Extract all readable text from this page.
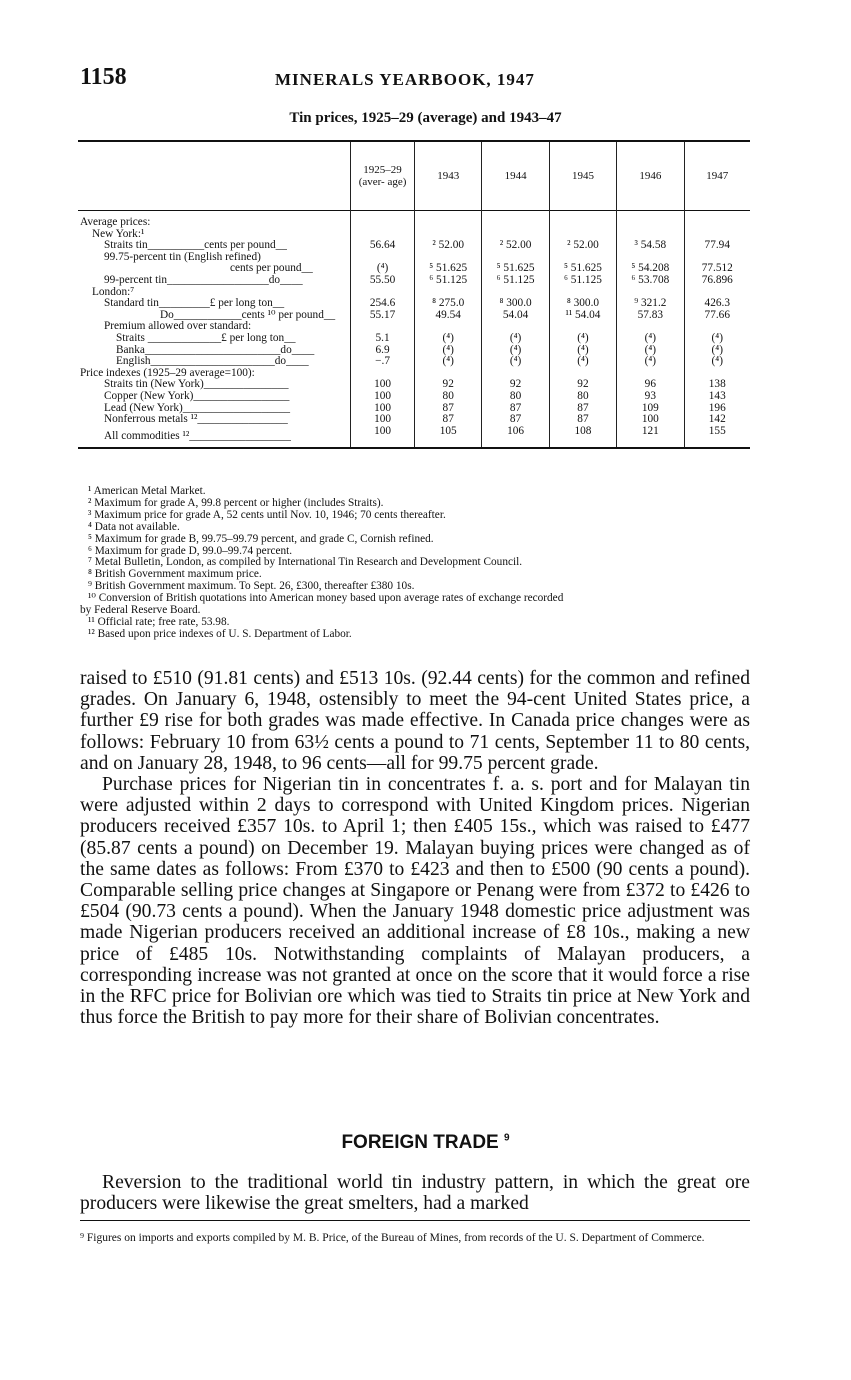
1158	MINERALS YEARBOOK, 1947
Tin prices, 1925–29 (average) and 1943–47
	1925–29 (aver- age)	1943	1944	1945	1946	1947
Average prices:						
New York:¹						
Straits tin__________cents per pound__	56.64	² 52.00	² 52.00	² 52.00	³ 54.58	77.94
99.75-percent tin (English refined)						
cents per pound__	(⁴)	⁵ 51.625	⁵ 51.625	⁵ 51.625	⁵ 54.208	77.512
99-percent tin__________________do____	55.50	⁶ 51.125	⁶ 51.125	⁶ 51.125	⁶ 53.708	76.896
London:⁷						
Standard tin_________£ per long ton__	254.6	⁸ 275.0	⁸ 300.0	⁸ 300.0	⁹ 321.2	426.3
Do____________cents ¹⁰ per pound__	55.17	49.54	54.04	¹¹ 54.04	57.83	77.66
Premium allowed over standard:						
Straits _____________£ per long ton__	5.1	(⁴)	(⁴)	(⁴)	(⁴)	(⁴)
Banka________________________do____	6.9	(⁴)	(⁴)	(⁴)	(⁴)	(⁴)
English______________________do____	−.7	(⁴)	(⁴)	(⁴)	(⁴)	(⁴)
Price indexes (1925–29 average=100):						
Straits tin (New York)_______________	100	92	92	92	96	138
Copper (New York)_________________	100	80	80	80	93	143
Lead (New York)___________________	100	87	87	87	109	196
Nonferrous metals ¹²________________	100	87	87	87	100	142
All commodities ¹²__________________	100	105	106	108	121	155
¹ American Metal Market.
² Maximum for grade A, 99.8 percent or higher (includes Straits).
³ Maximum price for grade A, 52 cents until Nov. 10, 1946; 70 cents thereafter.
⁴ Data not available.
⁵ Maximum for grade B, 99.75–99.79 percent, and grade C, Cornish refined.
⁶ Maximum for grade D, 99.0–99.74 percent.
⁷ Metal Bulletin, London, as compiled by International Tin Research and Development Council.
⁸ British Government maximum price.
⁹ British Government maximum. To Sept. 26, £300, thereafter £380 10s.
¹⁰ Conversion of British quotations into American money based upon average rates of exchange recorded
by Federal Reserve Board.
¹¹ Official rate; free rate, 53.98.
¹² Based upon price indexes of U. S. Department of Labor.

raised to £510 (91.81 cents) and £513 10s. (92.44 cents) for the common and refined grades. On January 6, 1948, ostensibly to meet the 94-cent United States price, a further £9 rise for both grades was made effective. In Canada price changes were as follows: February 10 from 63½ cents a pound to 71 cents, September 11 to 80 cents, and on January 28, 1948, to 96 cents—all for 99.75 percent grade.

Purchase prices for Nigerian tin in concentrates f. a. s. port and for Malayan tin were adjusted within 2 days to correspond with United Kingdom prices. Nigerian producers received £357 10s. to April 1; then £405 15s., which was raised to £477 (85.87 cents a pound) on December 19. Malayan buying prices were changed as of the same dates as follows: From £370 to £423 and then to £500 (90 cents a pound). Comparable selling price changes at Singapore or Penang were from £372 to £426 to £504 (90.73 cents a pound). When the January 1948 domestic price adjustment was made Nigerian producers received an additional increase of £8 10s., making a new price of £485 10s. Notwithstanding complaints of Malayan producers, a corresponding increase was not granted at once on the score that it would force a rise in the RFC price for Bolivian ore which was tied to Straits tin price at New York and thus force the British to pay more for their share of Bolivian concentrates.

FOREIGN TRADE $^9$

Reversion to the traditional world tin industry pattern, in which the great ore producers were likewise the great smelters, had a marked

⁹ Figures on imports and exports compiled by M. B. Price, of the Bureau of Mines, from records of the U. S. Department of Commerce.
